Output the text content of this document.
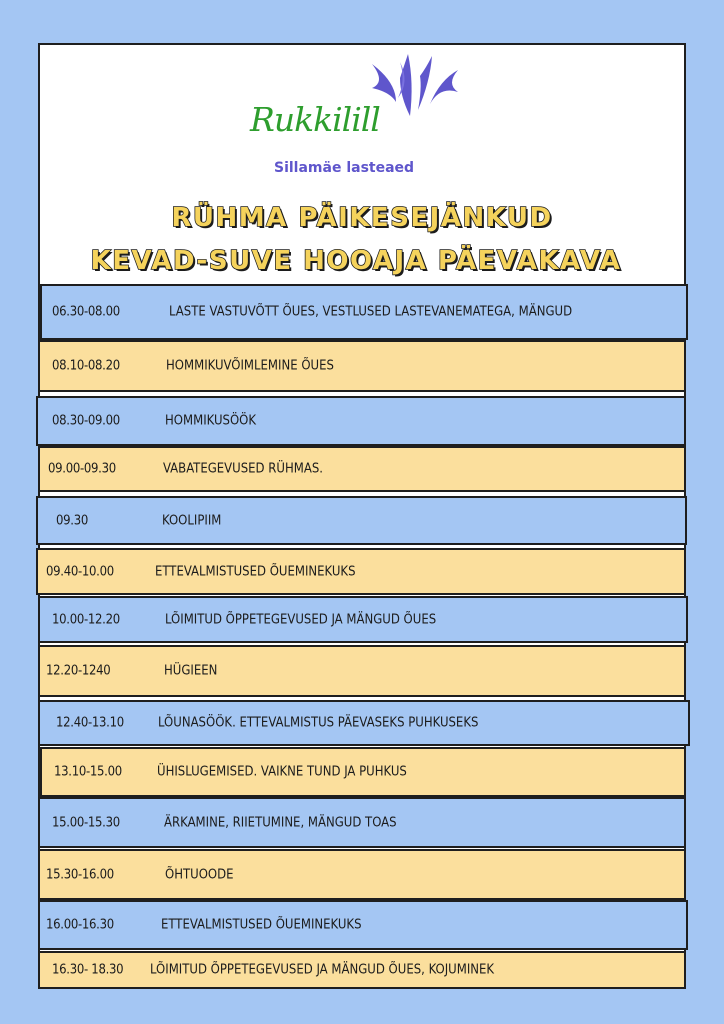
Rukkilill
Sillamäe lasteaed
RÜHMA PÄIKESEJÄNKUD
KEVAD-SUVE HOOAJA PÄEVAKAVA
06.30-08.00	LASTE VASTUVÕTT ÕUES, VESTLUSED LASTEVANEMATEGA, MÄNGUD
08.10-08.20	HOMMIKUVÕIMLEMINE ÕUES
08.30-09.00	HOMMIKUSÖÖK
09.00-09.30	VABATEGEVUSED RÜHMAS.
09.30	KOOLIPIIM
09.40-10.00	ETTEVALMISTUSED ÕUEMINEKUKS
10.00-12.20	LÕIMITUD ÕPPETEGEVUSED JA MÄNGUD ÕUES
12.20-1240	HÜGIEEN
12.40-13.10	LÕUNASÖÖK. ETTEVALMISTUS PÄEVASEKS PUHKUSEKS
13.10-15.00	ÜHISLUGEMISED. VAIKNE TUND JA PUHKUS
15.00-15.30	ÄRKAMINE, RIIETUMINE, MÄNGUD TOAS
15.30-16.00	ÕHTUOODE
16.00-16.30	ETTEVALMISTUSED ÕUEMINEKUKS
16.30- 18.30 LÕIMITUD ÕPPETEGEVUSED JA MÄNGUD ÕUES, KOJUMINEK
